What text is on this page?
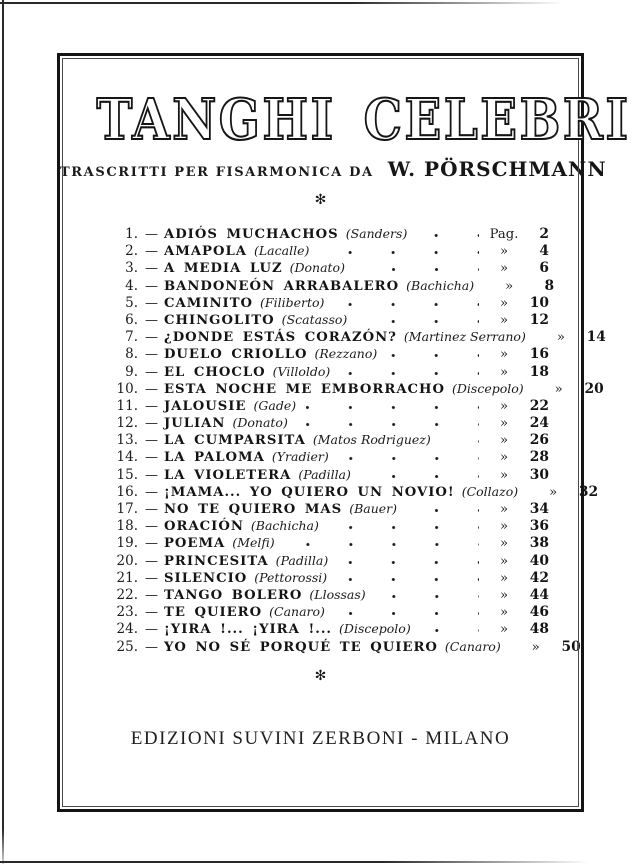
TANGHI CELEBRI
TRASCRITTI PER FISARMONICA DA W. PÖRSCHMANN
✻
1. — ADIÓS MUCHACHOS ( Sanders )	Pag.	2
2. — AMAPOLA ( Lacalle )	»	4
3. — A MEDIA LUZ ( Donato )	»	6
4. — BANDONEÓN ARRABALERO ( Bachicha )	»	8
5. — CAMINITO ( Filiberto )	»	10
6. — CHINGOLITO ( Scatasso )	»	12
7. — ¿DONDE ESTÁS CORAZÓN? ( Martinez Serrano )	»	14
8. — DUELO CRIOLLO ( Rezzano )	»	16
9. — EL CHOCLO ( Villoldo )	»	18
10. — ESTA NOCHE ME EMBORRACHO ( Discepolo )	»	20
11. — JALOUSIE ( Gade )	»	22
12. — JULIAN ( Donato )	»	24
13. — LA CUMPARSITA ( Matos Rodriguez )	»	26
14. — LA PALOMA ( Yradier )	»	28
15. — LA VIOLETERA ( Padilla )	»	30
16. — ¡MAMA... YO QUIERO UN NOVIO! ( Collazo )	»	32
17. — NO TE QUIERO MAS ( Bauer )	»	34
18. — ORACIÓN ( Bachicha )	»	36
19. — POEMA ( Melfi )	»	38
20. — PRINCESITA ( Padilla )	»	40
21. — SILENCIO ( Pettorossi )	»	42
22. — TANGO BOLERO ( Llossas )	»	44
23. — TE QUIERO ( Canaro )	»	46
24. — ¡YIRA !... ¡YIRA !... ( Discepolo )	»	48
25. — YO NO SÉ PORQUÉ TE QUIERO ( Canaro )	»	50
✻
EDIZIONI SUVINI ZERBONI - MILANO
